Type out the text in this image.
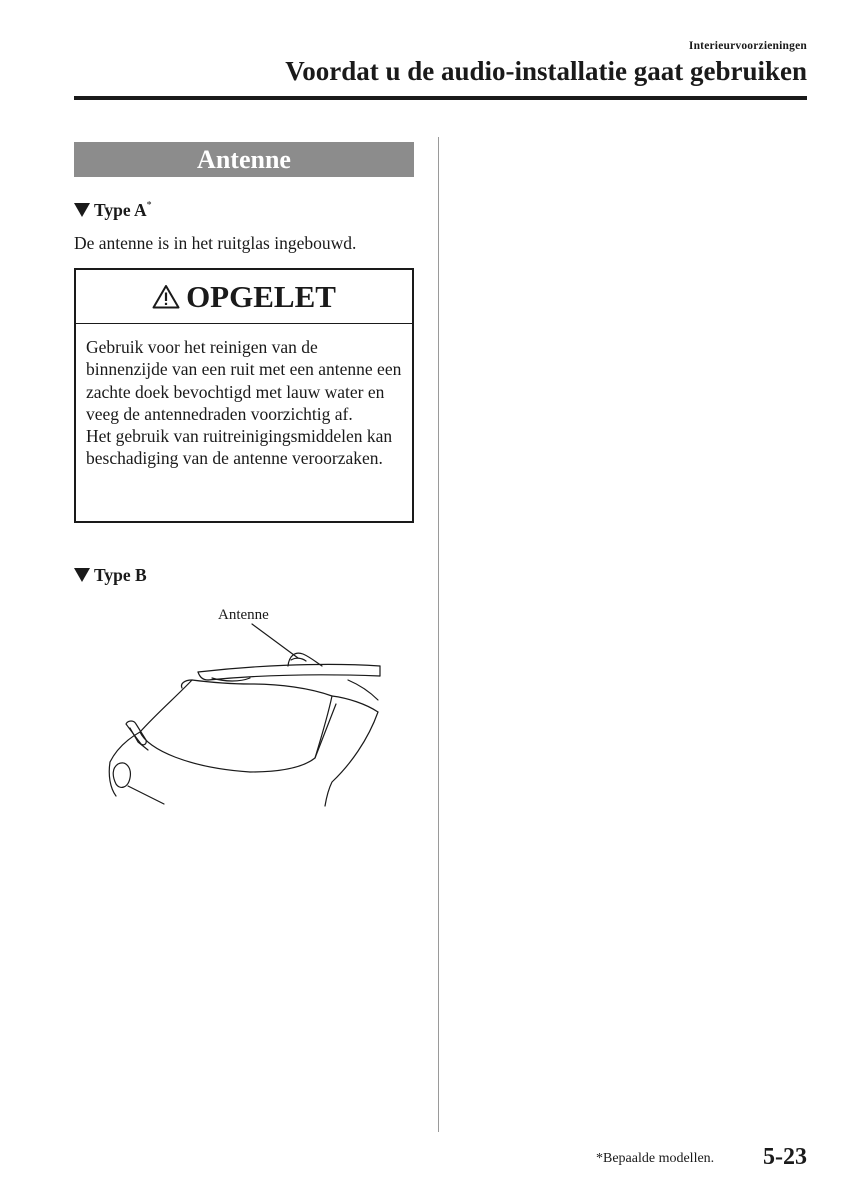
Interieurvoorzieningen
Voordat u de audio-installatie gaat gebruiken
Antenne
Type A*
De antenne is in het ruitglas ingebouwd.
OPGELET

Gebruik voor het reinigen van de binnenzijde van een ruit met een antenne een zachte doek bevochtigd met lauw water en veeg de antennedraden voorzichtig af.

Het gebruik van ruitreinigingsmiddelen kan beschadiging van de antenne veroorzaken.

Type B
Antenne
*Bepaalde modellen. 5-23
